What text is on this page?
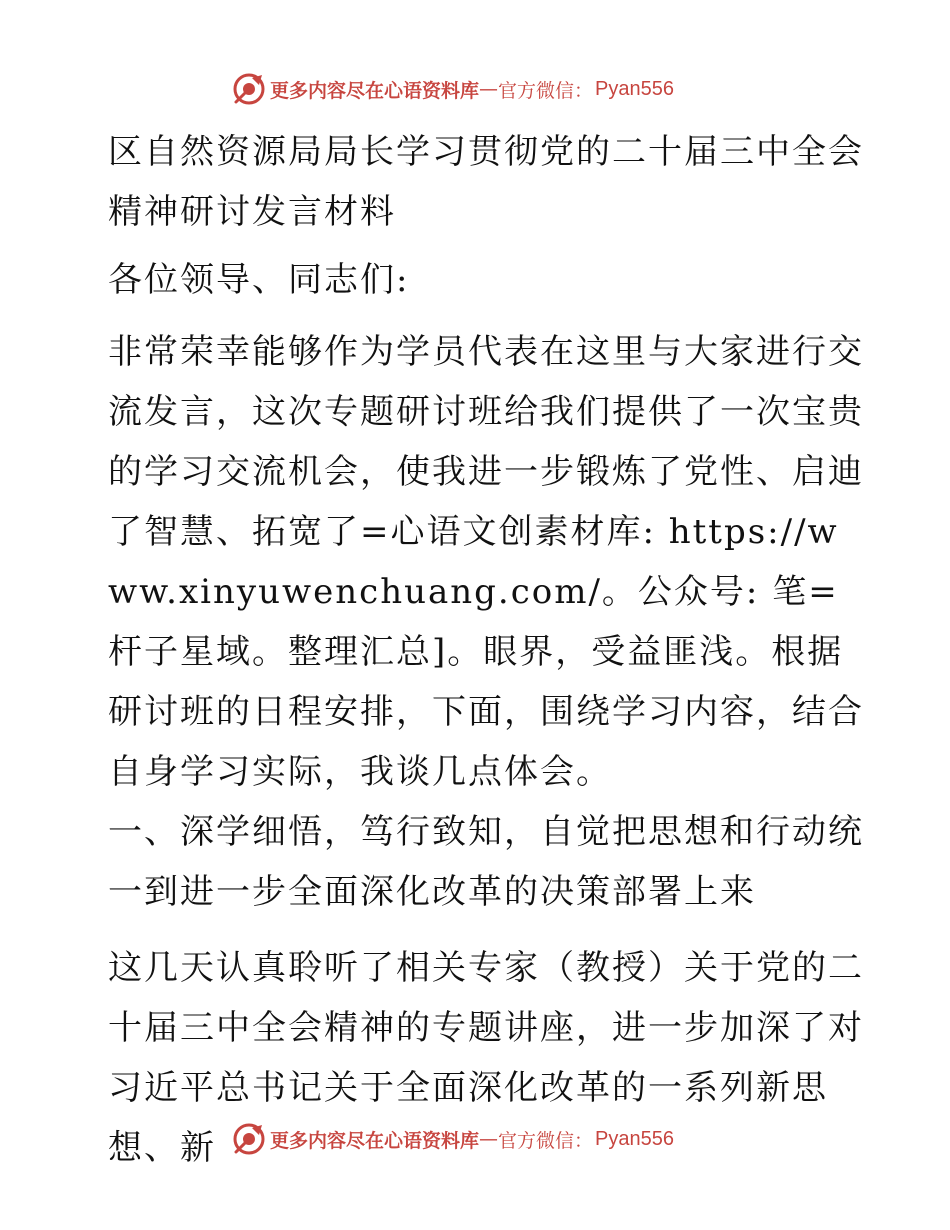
更多内容尽在心语资料库 — 官方微信： Pyan556
区自然资源局局长学习贯彻党的二十届三中全会精神研讨发言材料
各位领导、同志们:
非常荣幸能够作为学员代表在这里与大家进行交流发言，这次专题研讨班给我们提供了一次宝贵的学习交流机会，使我进一步锻炼了党性、启迪了智慧、拓宽了=心语文创素材库: https://www.xinyuwenchuang.com/。公众号: 笔=杆子星域。整理汇总]。眼界，受益匪浅。根据研讨班的日程安排，下面，围绕学习内容，结合自身学习实际，我谈几点体会。
一、深学细悟，笃行致知，自觉把思想和行动统一到进一步全面深化改革的决策部署上来
这几天认真聆听了相关专家（教授）关于党的二十届三中全会精神的专题讲座，进一步加深了对习近平总书记关于全面深化改革的一系列新思想、新	更多内容尽在心语资料库 — 官方微信： Pyan556
